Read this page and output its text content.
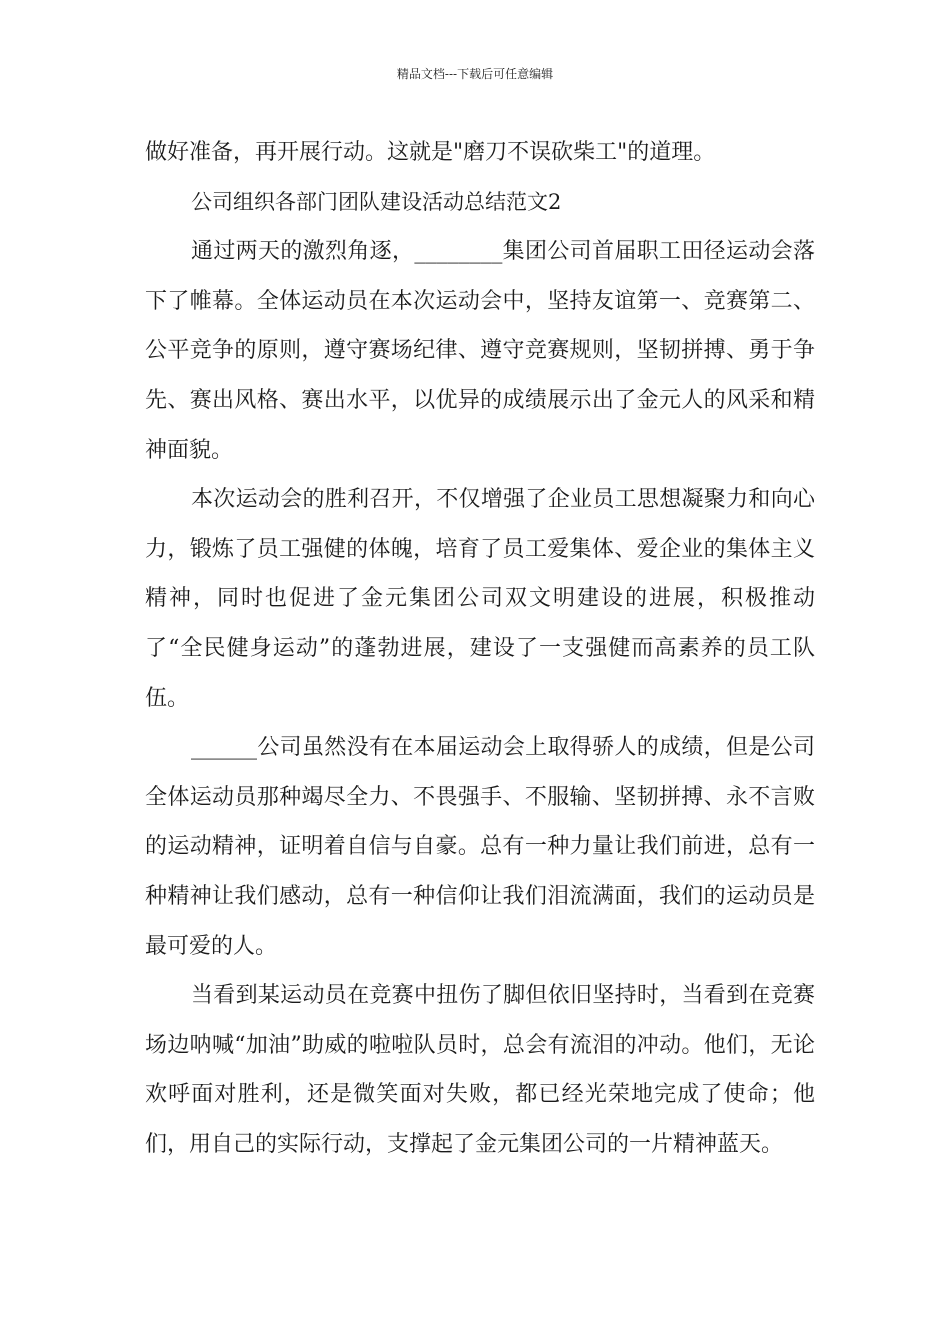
精品文档---下载后可任意编辑

做好准备，再开展行动。这就是"磨刀不误砍柴工"的道理。

公司组织各部门团队建设活动总结范文2

通过两天的激烈角逐，________集团公司首届职工田径运动会落下了帷幕。全体运动员在本次运动会中，坚持友谊第一、竞赛第二、公平竞争的原则，遵守赛场纪律、遵守竞赛规则，坚韧拼搏、勇于争先、赛出风格、赛出水平，以优异的成绩展示出了金元人的风采和精神面貌。

本次运动会的胜利召开，不仅增强了企业员工思想凝聚力和向心力，锻炼了员工强健的体魄，培育了员工爱集体、爱企业的集体主义精神，同时也促进了金元集团公司双文明建设的进展，积极推动了“全民健身运动”的蓬勃进展，建设了一支强健而高素养的员工队伍。

______公司虽然没有在本届运动会上取得骄人的成绩，但是公司全体运动员那种竭尽全力、不畏强手、不服输、坚韧拼搏、永不言败的运动精神，证明着自信与自豪。总有一种力量让我们前进，总有一种精神让我们感动，总有一种信仰让我们泪流满面，我们的运动员是最可爱的人。

当看到某运动员在竞赛中扭伤了脚但依旧坚持时，当看到在竞赛场边呐喊“加油”助威的啦啦队员时，总会有流泪的冲动。他们，无论欢呼面对胜利，还是微笑面对失败，都已经光荣地完成了使命；他们，用自己的实际行动，支撑起了金元集团公司的一片精神蓝天。
